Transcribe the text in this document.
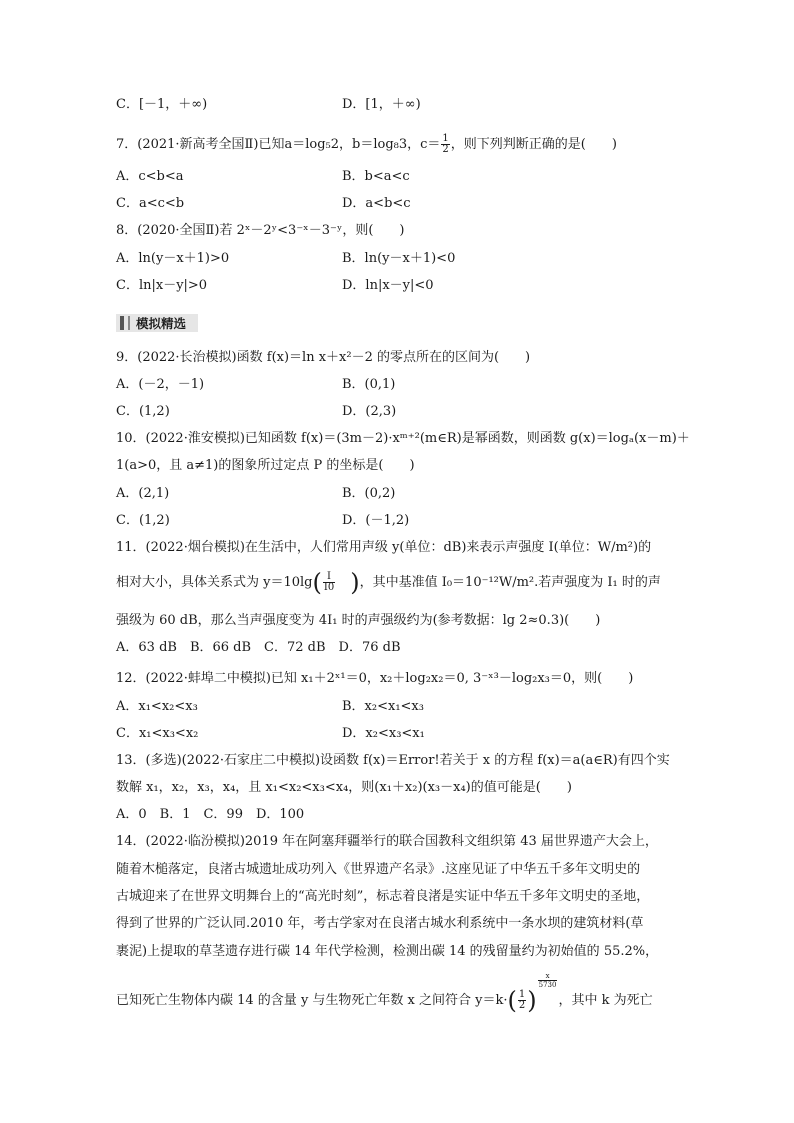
C．[－1，＋∞)	D．[1，＋∞)
7．(2021·新高考全国Ⅱ)已知a＝log₅2，b＝log₈3，$c= \frac{1}{2}$ ，则下列判断正确的是(　　)
A．c<b<a	B．b<a<c
C．a<c<b	D．a<b<c
8．(2020·全国Ⅱ)若 2ˣ－2ʸ<3⁻ˣ－3⁻ʸ，则(　　)
A．ln(y－x＋1)>0	B．ln(y－x＋1)<0
C．ln|x－y|>0	D．ln|x－y|<0
模拟精选
9．(2022·长治模拟)函数 f(x)＝ln x＋x²－2 的零点所在的区间为(　　)
A．(－2，－1)	B．(0,1)
C．(1,2)	D．(2,3)
10．(2022·淮安模拟)已知函数 f(x)＝(3m－2)·xᵐ⁺²(m∈R)是幂函数，则函数 g(x)＝logₐ(x－m)＋
1(a>0，且 a≠1)的图象所过定点 P 的坐标是(　　)
A．(2,1)	B．(0,2)
C．(1,2)	D．(－1,2)
11．(2022·烟台模拟)在生活中，人们常用声级 y(单位：dB)来表示声强度 I(单位：W/m²)的
相对大小，具体关系式为 $y=10\lg( \frac{I}{I0}$ )，其中基准值 I₀＝10⁻¹²W/m².若声强度为 I₁ 时的声
强级为 60 dB，那么当声强度变为 4I₁ 时的声强级约为(参考数据：lg 2≈0.3)(　　)
A．63 dB　B．66 dB　C．72 dB　D．76 dB
12．(2022·蚌埠二中模拟)已知 x₁＋2ˣ¹＝0，x₂＋log₂x₂＝0, 3⁻ˣ³－log₂x₃＝0，则(　　)
A．x₁<x₂<x₃	B．x₂<x₁<x₃
C．x₁<x₃<x₂	D．x₂<x₃<x₁
13．(多选)(2022·石家庄二中模拟)设函数 f(x)＝Error!若关于 x 的方程 f(x)＝a(a∈R)有四个实
数解 x₁，x₂，x₃，x₄，且 x₁<x₂<x₃<x₄，则(x₁＋x₂)(x₃－x₄)的值可能是(　　)
A．0　B．1　C．99　D．100
14．(2022·临汾模拟)2019 年在阿塞拜疆举行的联合国教科文组织第 43 届世界遗产大会上，
随着木槌落定，良渚古城遗址成功列入《世界遗产名录》.这座见证了中华五千多年文明史的
古城迎来了在世界文明舞台上的“高光时刻”，标志着良渚是实证中华五千多年文明史的圣地，
得到了世界的广泛认同.2010 年，考古学家对在良渚古城水利系统中一条水坝的建筑材料(草
裹泥)上提取的草茎遗存进行碳 14 年代学检测，检测出碳 14 的残留量约为初始值的 55.2%，
已知死亡生物体内碳 14 的含量 y 与生物死亡年数 x 之间符合 $y=k\cdot( \frac{1}{2}$ )
$\frac{x}{5730}$
，其中 k 为死亡
